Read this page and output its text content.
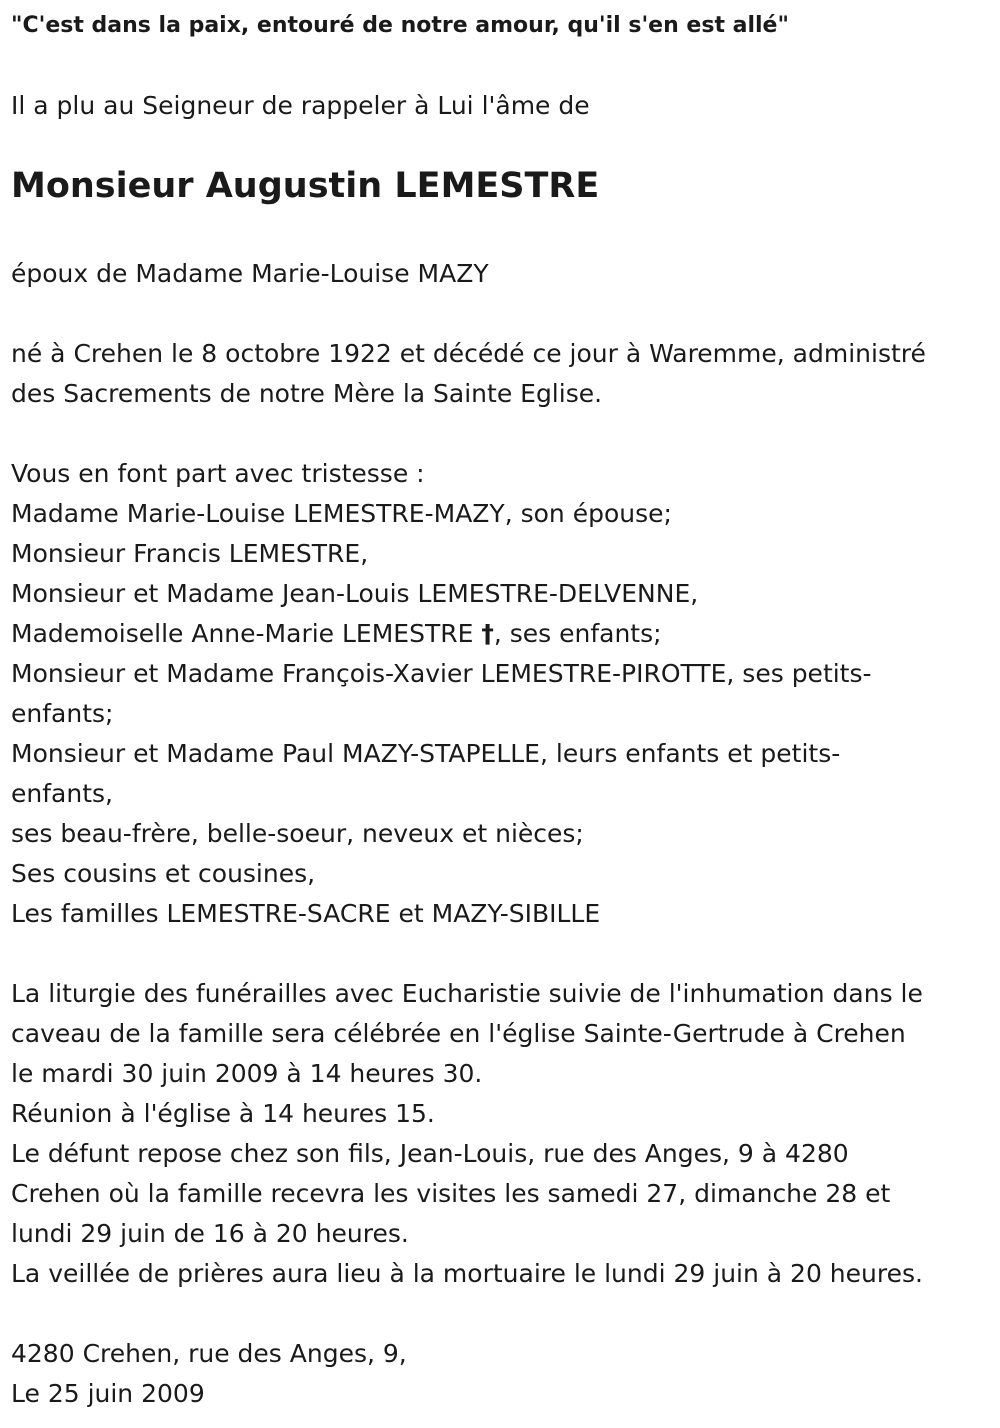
"C'est dans la paix, entouré de notre amour, qu'il s'en est allé"
Il a plu au Seigneur de rappeler à Lui l'âme de
Monsieur Augustin LEMESTRE
époux de Madame Marie-Louise MAZY
né à Crehen le 8 octobre 1922 et décédé ce jour à Waremme, administré
des Sacrements de notre Mère la Sainte Eglise.
Vous en font part avec tristesse :
Madame Marie-Louise LEMESTRE-MAZY, son épouse;
Monsieur Francis LEMESTRE,
Monsieur et Madame Jean-Louis LEMESTRE-DELVENNE,
Mademoiselle Anne-Marie LEMESTRE †, ses enfants;
Monsieur et Madame François-Xavier LEMESTRE-PIROTTE, ses petits-
enfants;
Monsieur et Madame Paul MAZY-STAPELLE, leurs enfants et petits-
enfants,
ses beau-frère, belle-soeur, neveux et nièces;
Ses cousins et cousines,
Les familles LEMESTRE-SACRE et MAZY-SIBILLE
La liturgie des funérailles avec Eucharistie suivie de l'inhumation dans le
caveau de la famille sera célébrée en l'église Sainte-Gertrude à Crehen
le mardi 30 juin 2009 à 14 heures 30.
Réunion à l'église à 14 heures 15.
Le défunt repose chez son fils, Jean-Louis, rue des Anges, 9 à 4280
Crehen où la famille recevra les visites les samedi 27, dimanche 28 et
lundi 29 juin de 16 à 20 heures.
La veillée de prières aura lieu à la mortuaire le lundi 29 juin à 20 heures.
4280 Crehen, rue des Anges, 9,
Le 25 juin 2009
